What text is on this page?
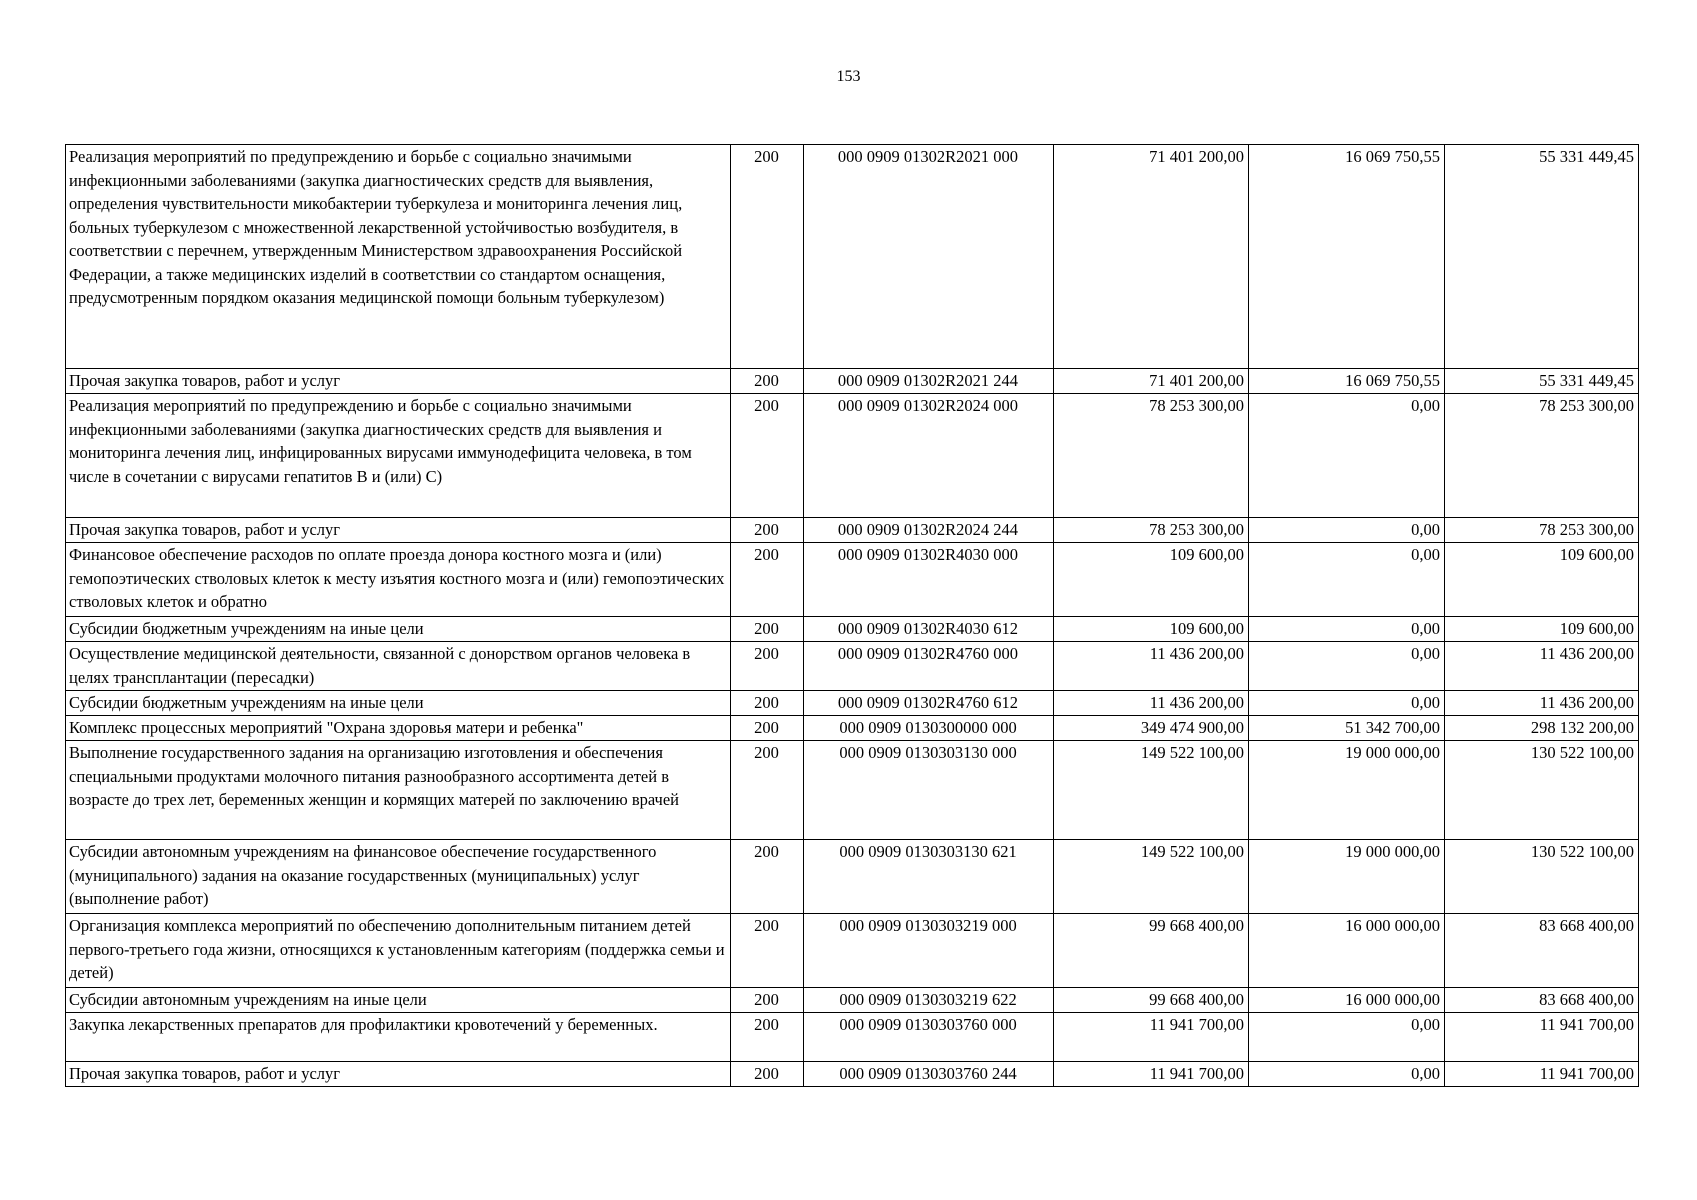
153
Реализация мероприятий по предупреждению и борьбе с социально значимыми инфекционными заболеваниями (закупка диагностических средств для выявления, определения чувствительности микобактерии туберкулеза и мониторинга лечения лиц, больных туберкулезом с множественной лекарственной устойчивостью возбудителя, в соответствии с перечнем, утвержденным Министерством здравоохранения Российской Федерации, а также медицинских изделий в соответствии со стандартом оснащения, предусмотренным порядком оказания медицинской помощи больным туберкулезом)	200	000 0909 01302R2021 000	71 401 200,00	16 069 750,55	55 331 449,45
Прочая закупка товаров, работ и услуг	200	000 0909 01302R2021 244	71 401 200,00	16 069 750,55	55 331 449,45
Реализация мероприятий по предупреждению и борьбе с социально значимыми инфекционными заболеваниями (закупка диагностических средств для выявления и мониторинга лечения лиц, инфицированных вирусами иммунодефицита человека, в том числе в сочетании с вирусами гепатитов B и (или) C)	200	000 0909 01302R2024 000	78 253 300,00	0,00	78 253 300,00
Прочая закупка товаров, работ и услуг	200	000 0909 01302R2024 244	78 253 300,00	0,00	78 253 300,00
Финансовое обеспечение расходов по оплате проезда донора костного мозга и (или) гемопоэтических стволовых клеток к месту изъятия костного мозга и (или) гемопоэтических стволовых клеток и обратно	200	000 0909 01302R4030 000	109 600,00	0,00	109 600,00
Субсидии бюджетным учреждениям на иные цели	200	000 0909 01302R4030 612	109 600,00	0,00	109 600,00
Осуществление медицинской деятельности, связанной с донорством органов человека в целях трансплантации (пересадки)	200	000 0909 01302R4760 000	11 436 200,00	0,00	11 436 200,00
Субсидии бюджетным учреждениям на иные цели	200	000 0909 01302R4760 612	11 436 200,00	0,00	11 436 200,00
Комплекс процессных мероприятий "Охрана здоровья матери и ребенка"	200	000 0909 0130300000 000	349 474 900,00	51 342 700,00	298 132 200,00
Выполнение государственного задания на организацию изготовления и обеспечения специальными продуктами молочного питания разнообразного ассортимента детей в возрасте до трех лет, беременных женщин и кормящих матерей по заключению врачей	200	000 0909 0130303130 000	149 522 100,00	19 000 000,00	130 522 100,00
Субсидии автономным учреждениям на финансовое обеспечение государственного (муниципального) задания на оказание государственных (муниципальных) услуг (выполнение работ)	200	000 0909 0130303130 621	149 522 100,00	19 000 000,00	130 522 100,00
Организация комплекса мероприятий по обеспечению дополнительным питанием детей первого-третьего года жизни, относящихся к установленным категориям (поддержка семьи и детей)	200	000 0909 0130303219 000	99 668 400,00	16 000 000,00	83 668 400,00
Субсидии автономным учреждениям на иные цели	200	000 0909 0130303219 622	99 668 400,00	16 000 000,00	83 668 400,00
Закупка лекарственных препаратов для профилактики кровотечений у беременных.	200	000 0909 0130303760 000	11 941 700,00	0,00	11 941 700,00
Прочая закупка товаров, работ и услуг	200	000 0909 0130303760 244	11 941 700,00	0,00	11 941 700,00
